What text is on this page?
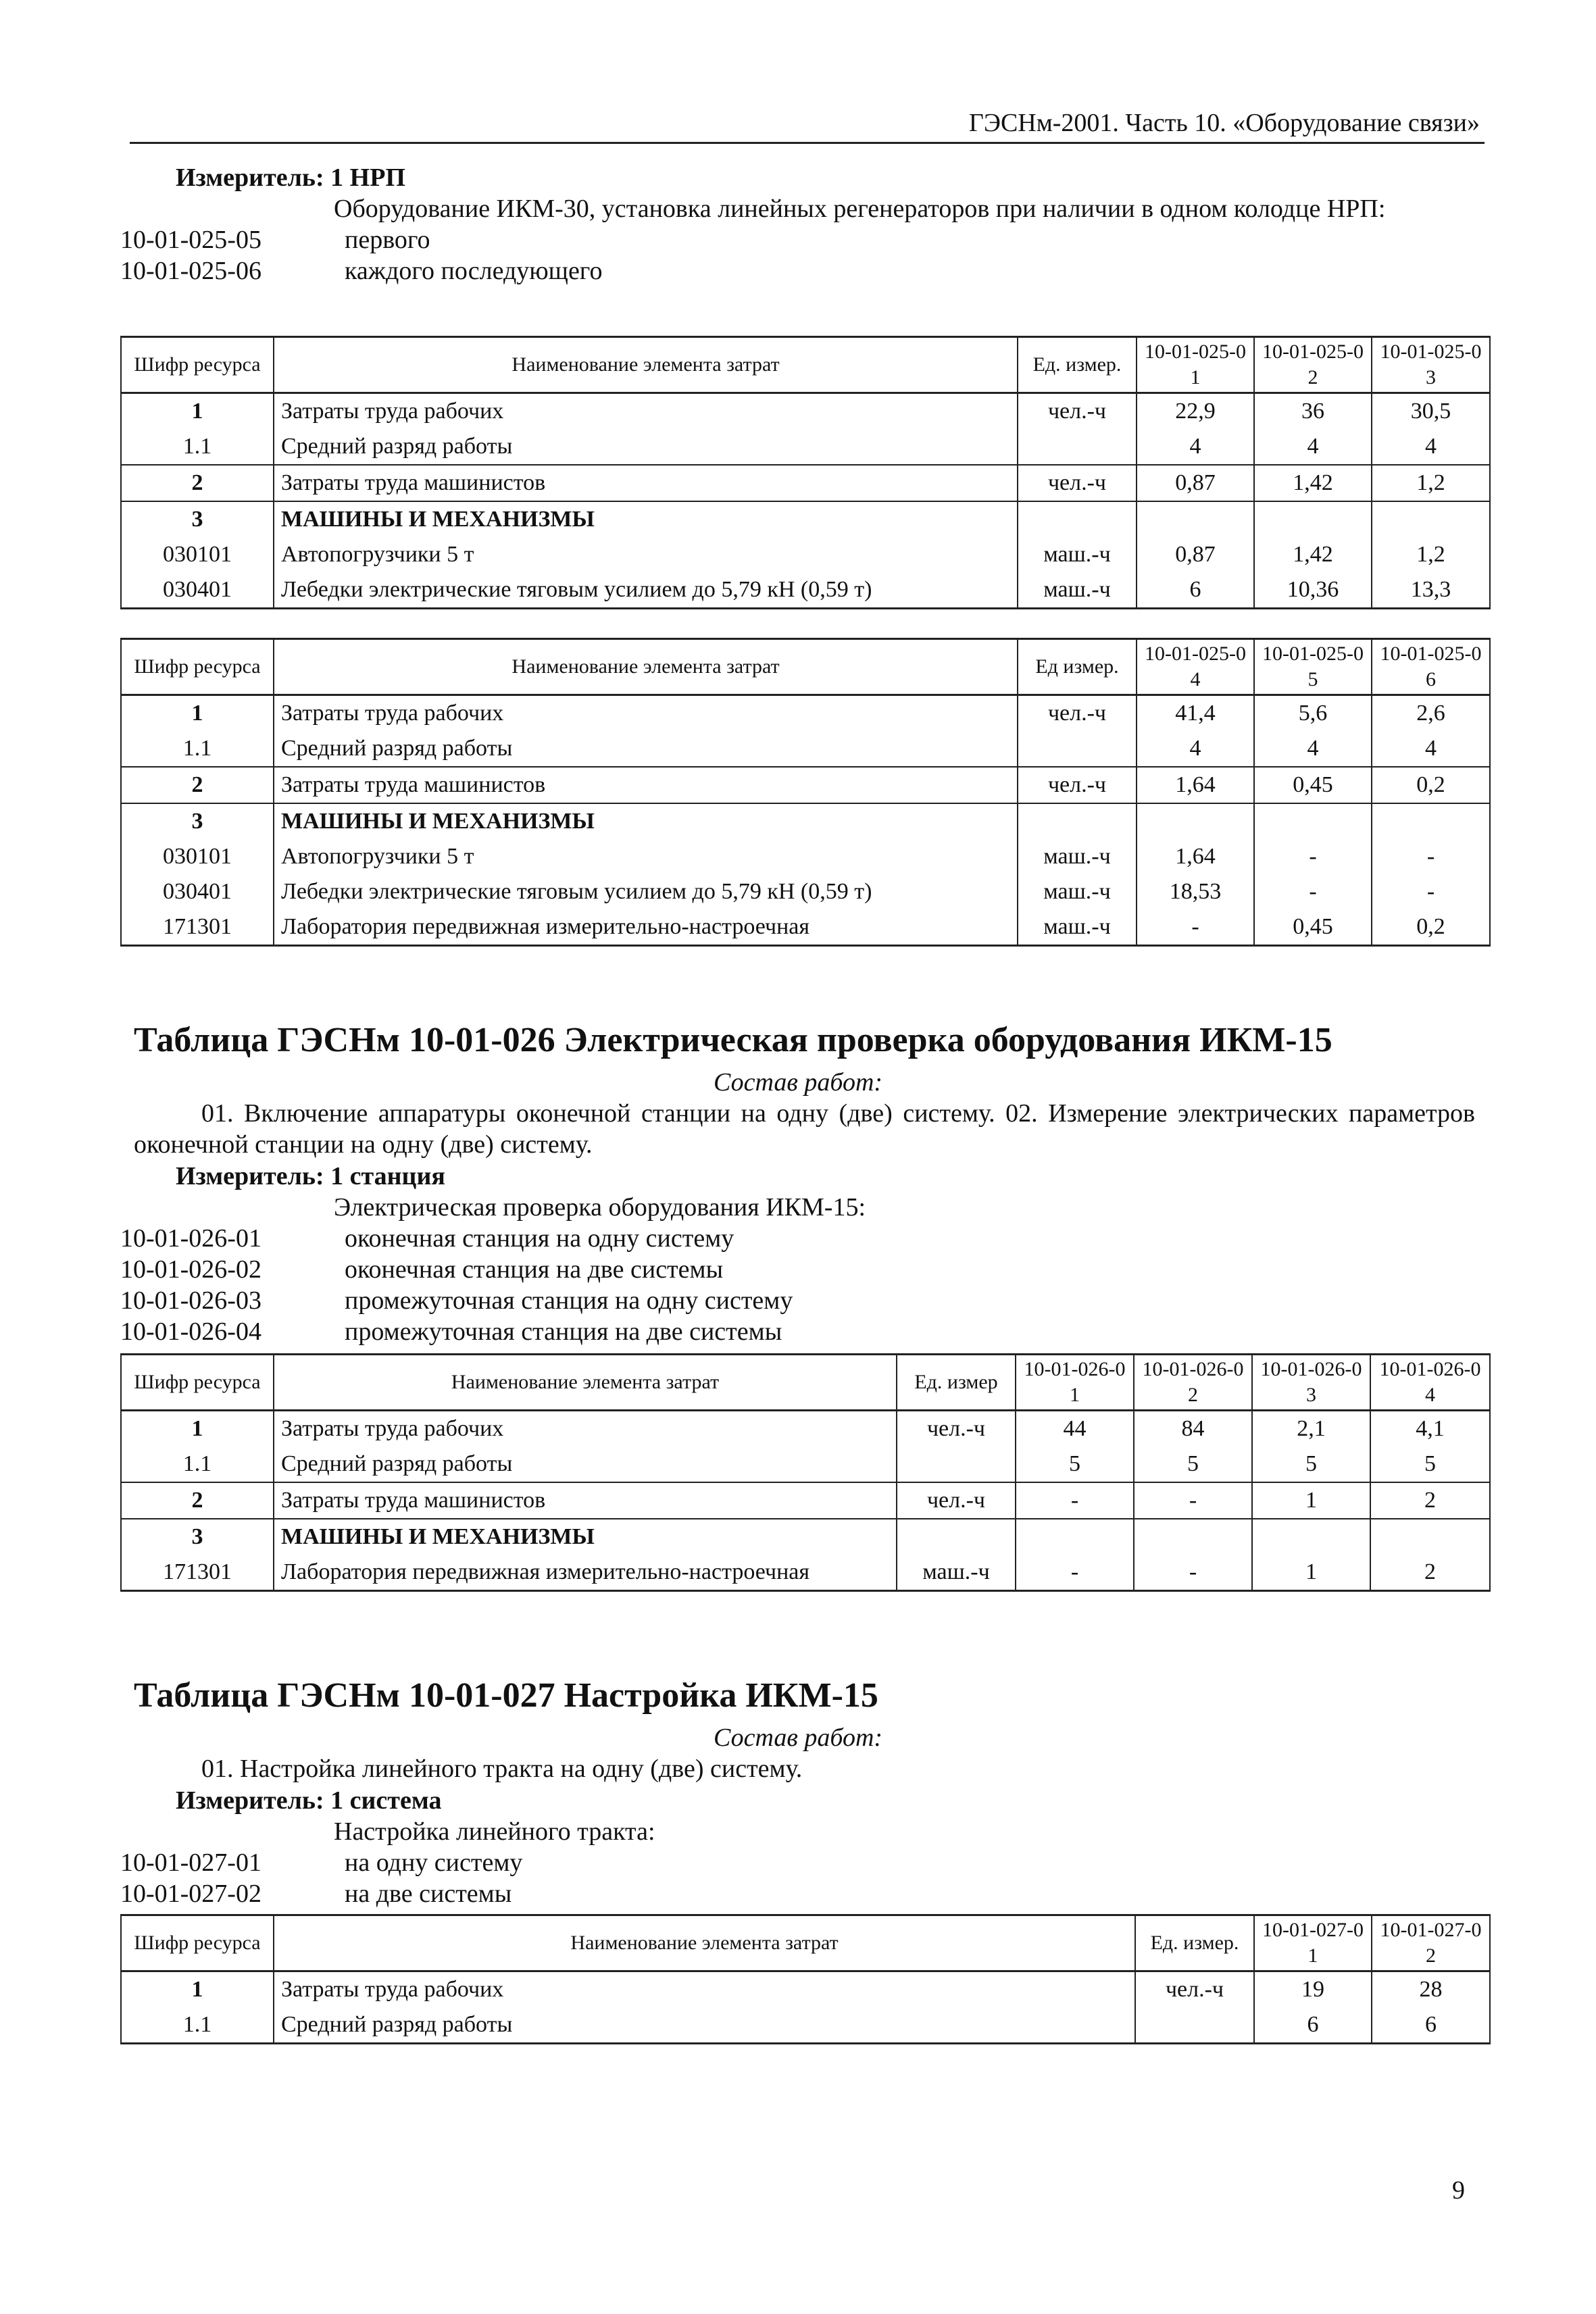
ГЭСНм-2001. Часть 10. «Оборудование связи»
Измеритель: 1 НРП
Оборудование ИКМ-30, установка линейных регенераторов при наличии в одном колодце НРП:
10-01-025-05	первого
10-01-025-06	каждого последующего
Шифр ресурса	Наименование элемента затрат	Ед. измер.	10-01-025-01	10-01-025-02	10-01-025-03
1	Затраты труда рабочих	чел.-ч	22,9	36	30,5
1.1	Средний разряд работы		4	4	4
2	Затраты труда машинистов	чел.-ч	0,87	1,42	1,2
3	МАШИНЫ И МЕХАНИЗМЫ				
030101	Автопогрузчики 5 т	маш.-ч	0,87	1,42	1,2
030401	Лебедки электрические тяговым усилием до 5,79 кН (0,59 т)	маш.-ч	6	10,36	13,3
Шифр ресурса	Наименование элемента затрат	Ед измер.	10-01-025-04	10-01-025-05	10-01-025-06
1	Затраты труда рабочих	чел.-ч	41,4	5,6	2,6
1.1	Средний разряд работы		4	4	4
2	Затраты труда машинистов	чел.-ч	1,64	0,45	0,2
3	МАШИНЫ И МЕХАНИЗМЫ				
030101	Автопогрузчики 5 т	маш.-ч	1,64	-	-
030401	Лебедки электрические тяговым усилием до 5,79 кН (0,59 т)	маш.-ч	18,53	-	-
171301	Лаборатория передвижная измерительно-настроечная	маш.-ч	-	0,45	0,2
Таблица ГЭСНм 10-01-026 Электрическая проверка оборудования ИКМ-15
Состав работ:
01. Включение аппаратуры оконечной станции на одну (две) систему. 02. Измерение электрических параметров оконечной станции на одну (две) систему.
Измеритель: 1 станция
Электрическая проверка оборудования ИКМ-15:
10-01-026-01	оконечная станция на одну систему
10-01-026-02	оконечная станция на две системы
10-01-026-03	промежуточная станция на одну систему
10-01-026-04	промежуточная станция на две системы
Шифр ресурса	Наименование элемента затрат	Ед. измер	10-01-026-01	10-01-026-02	10-01-026-03	10-01-026-04
1	Затраты труда рабочих	чел.-ч	44	84	2,1	4,1
1.1	Средний разряд работы		5	5	5	5
2	Затраты труда машинистов	чел.-ч	-	-	1	2
3	МАШИНЫ И МЕХАНИЗМЫ					
171301	Лаборатория передвижная измерительно-настроечная	маш.-ч	-	-	1	2
Таблица ГЭСНм 10-01-027 Настройка ИКМ-15
Состав работ:
01. Настройка линейного тракта на одну (две) систему.
Измеритель: 1 система
Настройка линейного тракта:
10-01-027-01	на одну систему
10-01-027-02	на две системы
Шифр ресурса	Наименование элемента затрат	Ед. измер.	10-01-027-01	10-01-027-02
1	Затраты труда рабочих	чел.-ч	19	28
1.1	Средний разряд работы		6	6
9
